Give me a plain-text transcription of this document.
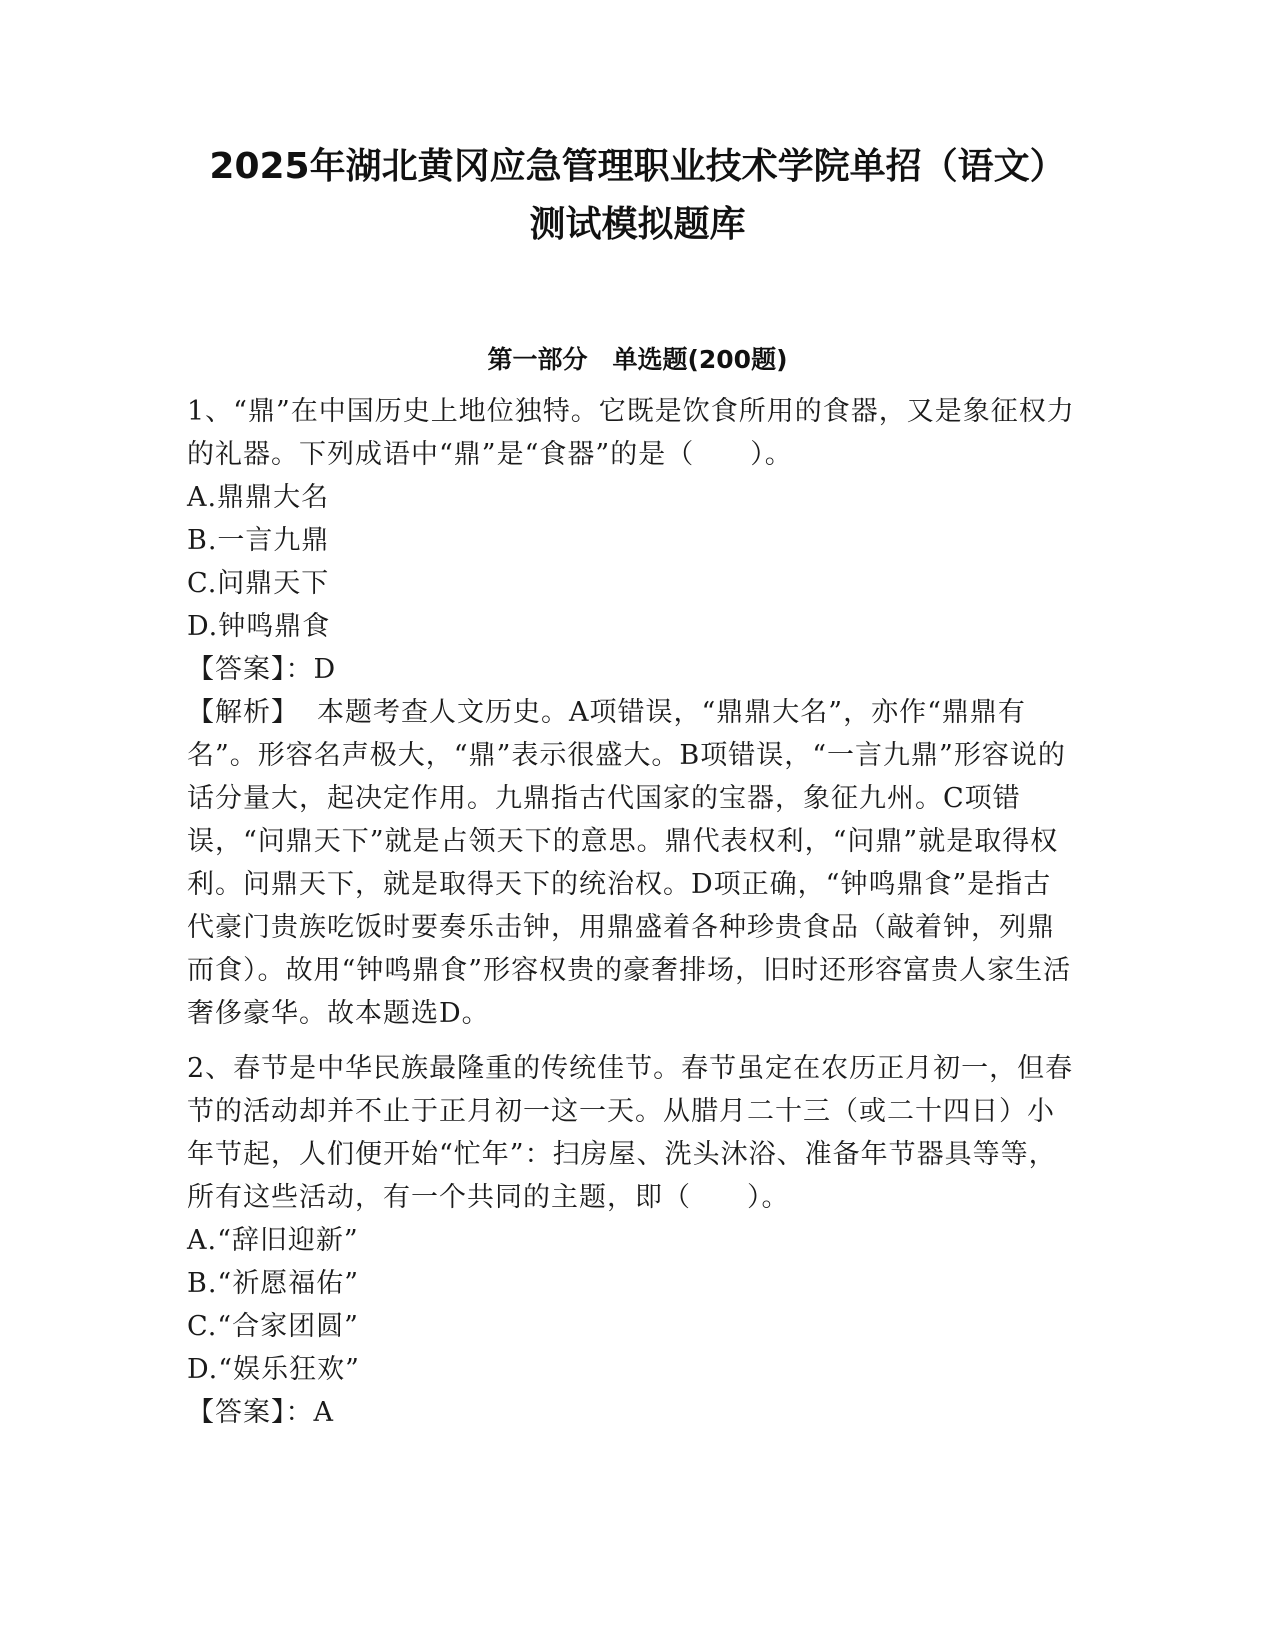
2025年湖北黄冈应急管理职业技术学院单招（语文）
测试模拟题库
第一部分　单选题(200题)

1、“鼎”在中国历史上地位独特。它既是饮食所用的食器，又是象征权力的礼器。下列成语中“鼎”是“食器”的是（　　）。

A.鼎鼎大名

B.一言九鼎

C.问鼎天下

D.钟鸣鼎食

【答案】：D

【解析】 本题考查人文历史。A项错误，“鼎鼎大名”，亦作“鼎鼎有名”。形容名声极大，“鼎”表示很盛大。B项错误，“一言九鼎”形容说的话分量大，起决定作用。九鼎指古代国家的宝器，象征九州。C项错误，“问鼎天下”就是占领天下的意思。鼎代表权利，“问鼎”就是取得权利。问鼎天下，就是取得天下的统治权。D项正确，“钟鸣鼎食”是指古代豪门贵族吃饭时要奏乐击钟，用鼎盛着各种珍贵食品（敲着钟，列鼎而食）。故用“钟鸣鼎食”形容权贵的豪奢排场，旧时还形容富贵人家生活奢侈豪华。故本题选D。

2、春节是中华民族最隆重的传统佳节。春节虽定在农历正月初一，但春节的活动却并不止于正月初一这一天。从腊月二十三（或二十四日）小年节起，人们便开始“忙年”：扫房屋、洗头沐浴、准备年节器具等等，所有这些活动，有一个共同的主题，即（　　）。

A.“辞旧迎新”

B.“祈愿福佑”

C.“合家团圆”

D.“娱乐狂欢”

【答案】：A
